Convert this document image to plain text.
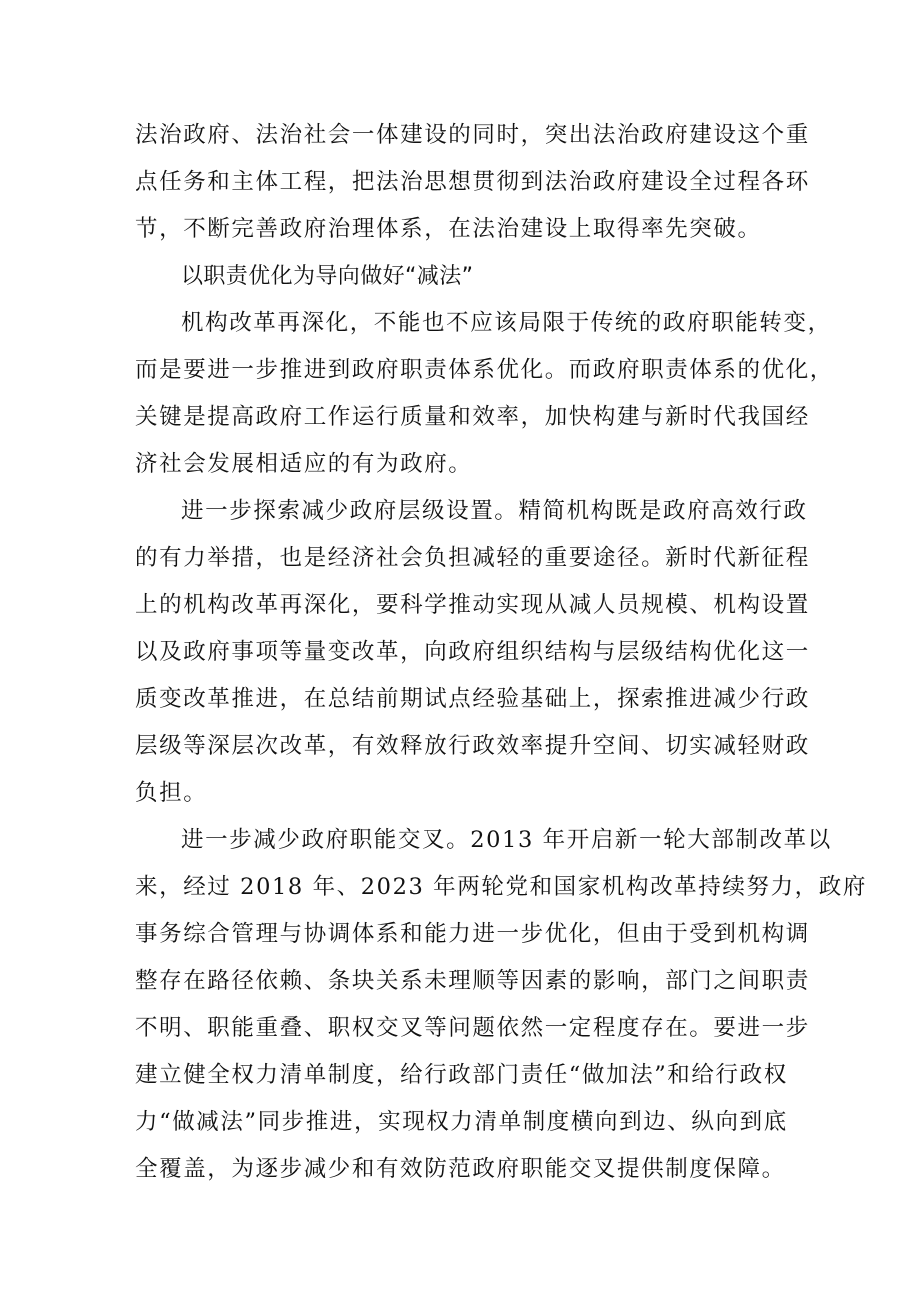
法治政府、法治社会一体建设的同时，突出法治政府建设这个重
点任务和主体工程，把法治思想贯彻到法治政府建设全过程各环
节，不断完善政府治理体系，在法治建设上取得率先突破。
以职责优化为导向做好“减法”
机构改革再深化，不能也不应该局限于传统的政府职能转变，
而是要进一步推进到政府职责体系优化。而政府职责体系的优化，
关键是提高政府工作运行质量和效率，加快构建与新时代我国经
济社会发展相适应的有为政府。
进一步探索减少政府层级设置。精简机构既是政府高效行政
的有力举措，也是经济社会负担减轻的重要途径。新时代新征程
上的机构改革再深化，要科学推动实现从减人员规模、机构设置
以及政府事项等量变改革，向政府组织结构与层级结构优化这一
质变改革推进，在总结前期试点经验基础上，探索推进减少行政
层级等深层次改革，有效释放行政效率提升空间、切实减轻财政
负担。
进一步减少政府职能交叉。2013 年开启新一轮大部制改革以
来，经过 2018 年、2023 年两轮党和国家机构改革持续努力，政府
事务综合管理与协调体系和能力进一步优化，但由于受到机构调
整存在路径依赖、条块关系未理顺等因素的影响，部门之间职责
不明、职能重叠、职权交叉等问题依然一定程度存在。要进一步
建立健全权力清单制度，给行政部门责任“做加法”和给行政权
力“做减法”同步推进，实现权力清单制度横向到边、纵向到底
全覆盖，为逐步减少和有效防范政府职能交叉提供制度保障。
